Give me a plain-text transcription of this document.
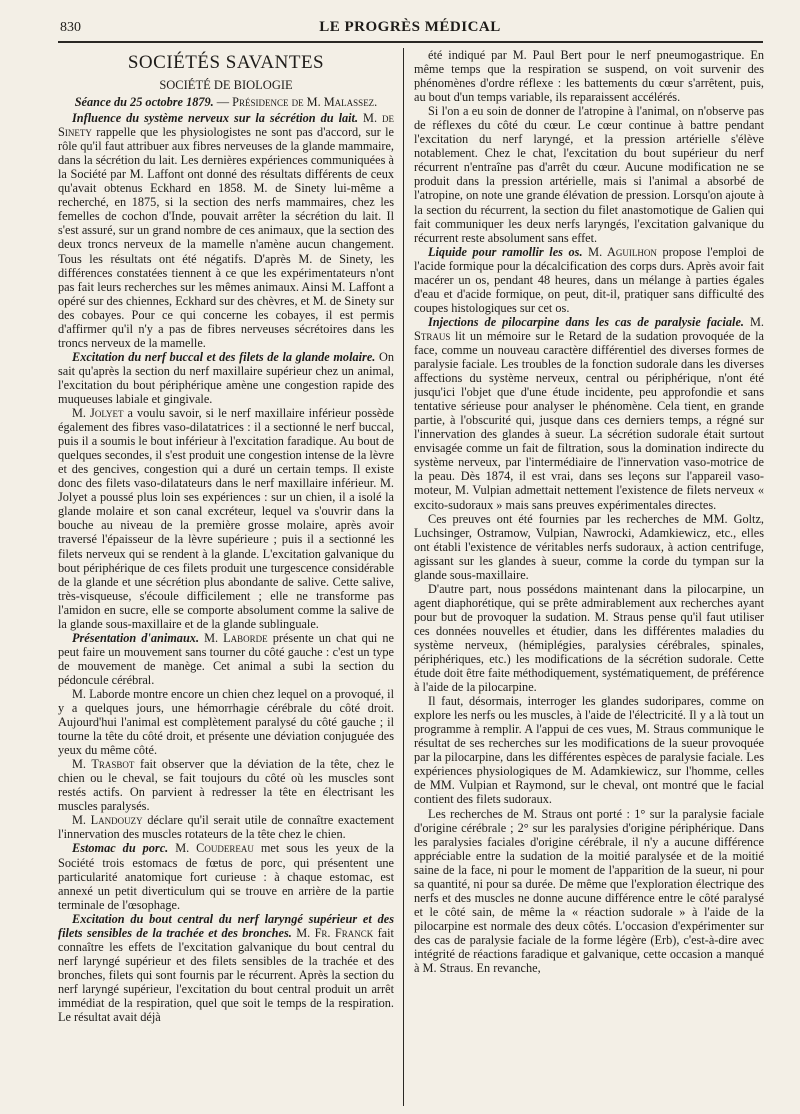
830	LE PROGRÈS MÉDICAL
SOCIÉTÉS SAVANTES
SOCIÉTÉ DE BIOLOGIE
Séance du 25 octobre 1879. — Présidence de M. Malassez.

Influence du système nerveux sur la sécrétion du lait. M. de Sinety rappelle que les physiologistes ne sont pas d'accord, sur le rôle qu'il faut attribuer aux fibres nerveuses de la glande mammaire, dans la sécrétion du lait. Les dernières expériences communiquées à la Société par M. Laffont ont donné des résultats différents de ceux qu'avait obtenus Eckhard en 1858. M. de Sinety lui-même a recherché, en 1875, si la section des nerfs mammaires, chez les femelles de cochon d'Inde, pouvait arrêter la sécrétion du lait. Il s'est assuré, sur un grand nombre de ces animaux, que la section des deux troncs nerveux de la mamelle n'amène aucun changement. Tous les résultats ont été négatifs. D'après M. de Sinety, les différences constatées tiennent à ce que les expérimentateurs n'ont pas fait leurs recherches sur les mêmes animaux. Ainsi M. Laffont a opéré sur des chiennes, Eckhard sur des chèvres, et M. de Sinety sur des cobayes. Pour ce qui concerne les cobayes, il est permis d'affirmer qu'il n'y a pas de fibres nerveuses sécrétoires dans les troncs nerveux de la mamelle.

Excitation du nerf buccal et des filets de la glande molaire. On sait qu'après la section du nerf maxillaire supérieur chez un animal, l'excitation du bout périphérique amène une congestion rapide des muqueuses labiale et gingivale.

M. Jolyet a voulu savoir, si le nerf maxillaire inférieur possède également des fibres vaso-dilatatrices : il a sectionné le nerf buccal, puis il a soumis le bout inférieur à l'excitation faradique. Au bout de quelques secondes, il s'est produit une congestion intense de la lèvre et des gencives, congestion qui a duré un certain temps. Il existe donc des filets vaso-dilatateurs dans le nerf maxillaire inférieur. M. Jolyet a poussé plus loin ses expériences : sur un chien, il a isolé la glande molaire et son canal excréteur, lequel va s'ouvrir dans la bouche au niveau de la première grosse molaire, après avoir traversé l'épaisseur de la lèvre supérieure ; puis il a sectionné les filets nerveux qui se rendent à la glande. L'excitation galvanique du bout périphérique de ces filets produit une turgescence considérable de la glande et une sécrétion plus abondante de salive. Cette salive, très-visqueuse, s'écoule difficilement ; elle ne transforme pas l'amidon en sucre, elle se comporte absolument comme la salive de la glande sous-maxillaire et de la glande sublinguale.

Présentation d'animaux. M. Laborde présente un chat qui ne peut faire un mouvement sans tourner du côté gauche : c'est un type de mouvement de manège. Cet animal a subi la section du pédoncule cérébral.

M. Laborde montre encore un chien chez lequel on a provoqué, il y a quelques jours, une hémorrhagie cérébrale du côté droit. Aujourd'hui l'animal est complètement paralysé du côté gauche ; il tourne la tête du côté droit, et présente une déviation conjuguée des yeux du même côté.

M. Trasbot fait observer que la déviation de la tête, chez le chien ou le cheval, se fait toujours du côté où les muscles sont restés actifs. On parvient à redresser la tête en électrisant les muscles paralysés.

M. Landouzy déclare qu'il serait utile de connaître exactement l'innervation des muscles rotateurs de la tête chez le chien.

Estomac du porc. M. Coudereau met sous les yeux de la Société trois estomacs de fœtus de porc, qui présentent une particularité anatomique fort curieuse : à chaque estomac, est annexé un petit diverticulum qui se trouve en arrière de la partie terminale de l'œsophage.

Excitation du bout central du nerf laryngé supérieur et des filets sensibles de la trachée et des bronches. M. Fr. Franck fait connaître les effets de l'excitation galvanique du bout central du nerf laryngé supérieur et des filets sensibles de la trachée et des bronches, filets qui sont fournis par le récurrent. Après la section du nerf laryngé supérieur, l'excitation du bout central produit un arrêt immédiat de la respiration, quel que soit le temps de la respiration. Le résultat avait déjà

été indiqué par M. Paul Bert pour le nerf pneumogastrique. En même temps que la respiration se suspend, on voit survenir des phénomènes d'ordre réflexe : les battements du cœur s'arrêtent, puis, au bout d'un temps variable, ils reparaissent accélérés.

Si l'on a eu soin de donner de l'atropine à l'animal, on n'observe pas de réflexes du côté du cœur. Le cœur continue à battre pendant l'excitation du nerf laryngé, et la pression artérielle s'élève notablement. Chez le chat, l'excitation du bout supérieur du nerf récurrent n'entraîne pas d'arrêt du cœur. Aucune modification ne se produit dans la pression artérielle, mais si l'animal a absorbé de l'atropine, on note une grande élévation de pression. Lorsqu'on ajoute à la section du récurrent, la section du filet anastomotique de Galien qui fait communiquer les deux nerfs laryngés, l'excitation galvanique du récurrent reste absolument sans effet.

Liquide pour ramollir les os. M. Aguilhon propose l'emploi de l'acide formique pour la décalcification des corps durs. Après avoir fait macérer un os, pendant 48 heures, dans un mélange à parties égales d'eau et d'acide formique, on peut, dit-il, pratiquer sans difficulté des coupes histologiques sur cet os.

Injections de pilocarpine dans les cas de paralysie faciale. M. Straus lit un mémoire sur le Retard de la sudation provoquée de la face, comme un nouveau caractère différentiel des diverses formes de paralysie faciale. Les troubles de la fonction sudorale dans les diverses affections du système nerveux, central ou périphérique, n'ont été jusqu'ici l'objet que d'une étude incidente, peu approfondie et sans tentative sérieuse pour analyser le phénomène. Cela tient, en grande partie, à l'obscurité qui, jusque dans ces derniers temps, a régné sur l'innervation des glandes à sueur. La sécrétion sudorale était surtout envisagée comme un fait de filtration, sous la domination indirecte du système nerveux, par l'intermédiaire de l'innervation vaso-motrice de la peau. Dès 1874, il est vrai, dans ses leçons sur l'appareil vaso-moteur, M. Vulpian admettait nettement l'existence de filets nerveux « excito-sudoraux » mais sans preuves expérimentales directes.

Ces preuves ont été fournies par les recherches de MM. Goltz, Luchsinger, Ostramow, Vulpian, Nawrocki, Adamkiewicz, etc., elles ont établi l'existence de véritables nerfs sudoraux, à action centrifuge, agissant sur les glandes à sueur, comme la corde du tympan sur la glande sous-maxillaire.

D'autre part, nous possédons maintenant dans la pilocarpine, un agent diaphorétique, qui se prête admirablement aux recherches ayant pour but de provoquer la sudation. M. Straus pense qu'il faut utiliser ces données nouvelles et étudier, dans les différentes maladies du système nerveux, (hémiplégies, paralysies cérébrales, spinales, périphériques, etc.) les modifications de la sécrétion sudorale. Cette étude doit être faite méthodiquement, systématiquement, de préférence à l'aide de la pilocarpine.

Il faut, désormais, interroger les glandes sudoripares, comme on explore les nerfs ou les muscles, à l'aide de l'électricité. Il y a là tout un programme à remplir. A l'appui de ces vues, M. Straus communique le résultat de ses recherches sur les modifications de la sueur provoquée par la pilocarpine, dans les différentes espèces de paralysie faciale. Les expériences physiologiques de M. Adamkiewicz, sur l'homme, celles de MM. Vulpian et Raymond, sur le cheval, ont montré que le facial contient des filets sudoraux.

Les recherches de M. Straus ont porté : 1° sur la paralysie faciale d'origine cérébrale ; 2° sur les paralysies d'origine périphérique. Dans les paralysies faciales d'origine cérébrale, il n'y a aucune différence appréciable entre la sudation de la moitié paralysée et de la moitié saine de la face, ni pour le moment de l'apparition de la sueur, ni pour sa quantité, ni pour sa durée. De même que l'exploration électrique des nerfs et des muscles ne donne aucune différence entre le côté paralysé et le côté sain, de même la « réaction sudorale » à l'aide de la pilocarpine est normale des deux côtés. L'occasion d'expérimenter sur des cas de paralysie faciale de la forme légère (Erb), c'est-à-dire avec intégrité de réactions faradique et galvanique, cette occasion a manqué à M. Straus. En revanche,
